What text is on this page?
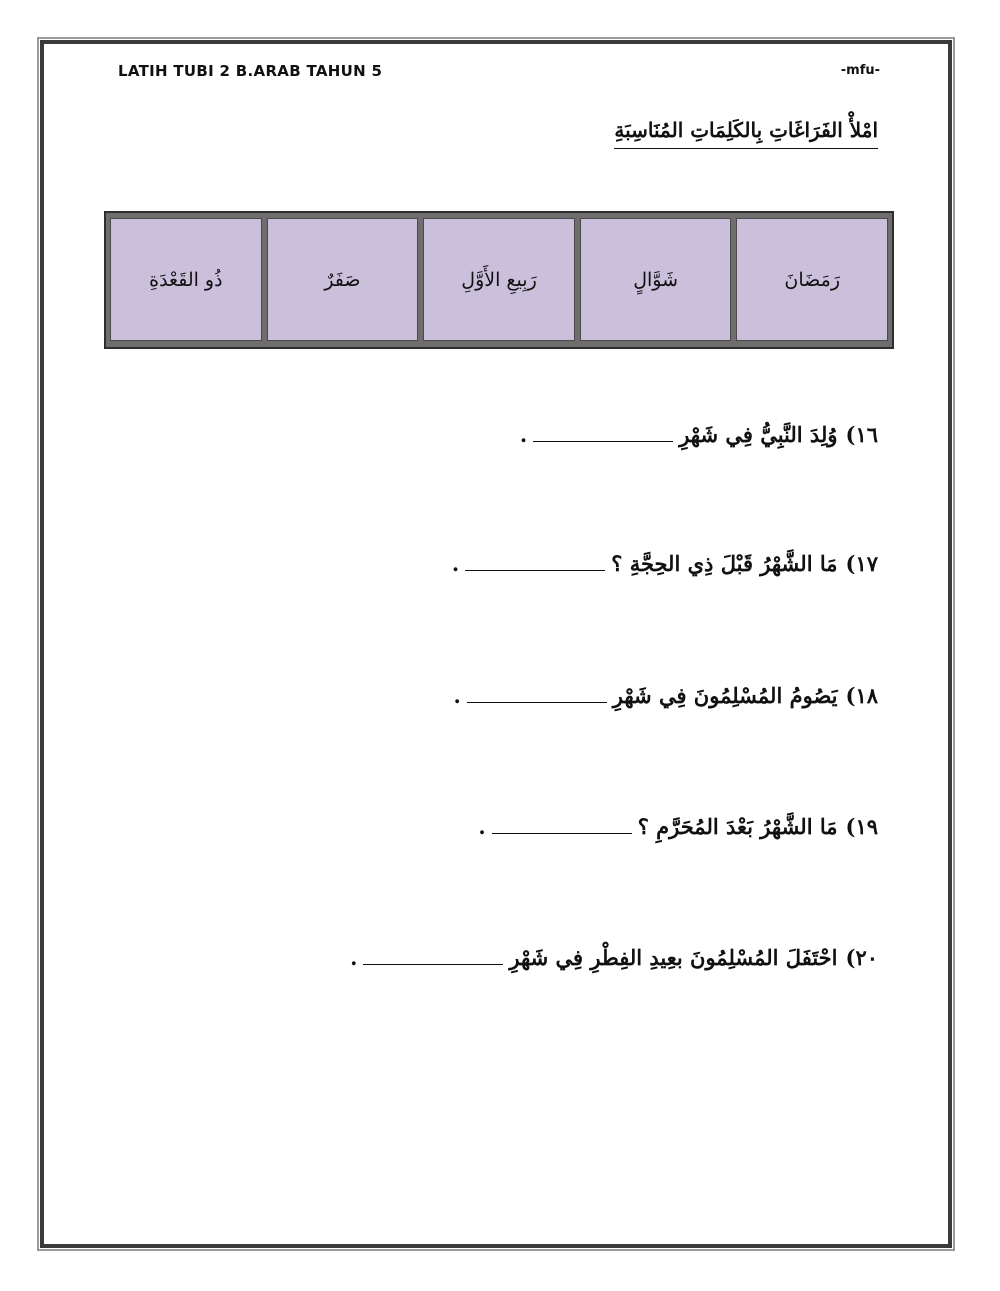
LATIH TUBI 2 B.ARAB TAHUN 5	-mfu-
امْلأْ الفَرَاغَاتِ بِالكَلِمَاتِ المُنَاسِبَةِ
رَمَضَانَ
شَوَّالٍ
رَبِيعِ الأَوَّلِ
صَفَرٌ
ذُو القَعْدَةِ
١٦)وُلِدَ النَّبِيُّ فِي شَهْرِ.
١٧)مَا الشَّهْرُ قَبْلَ ذِي الحِجَّةِ ؟.
١٨)يَصُومُ المُسْلِمُونَ فِي شَهْرِ.
١٩)مَا الشَّهْرُ بَعْدَ المُحَرَّمِ ؟.
٢٠)احْتَفَلَ المُسْلِمُونَ بعِيدِ الفِطْرِ فِي شَهْرِ.
